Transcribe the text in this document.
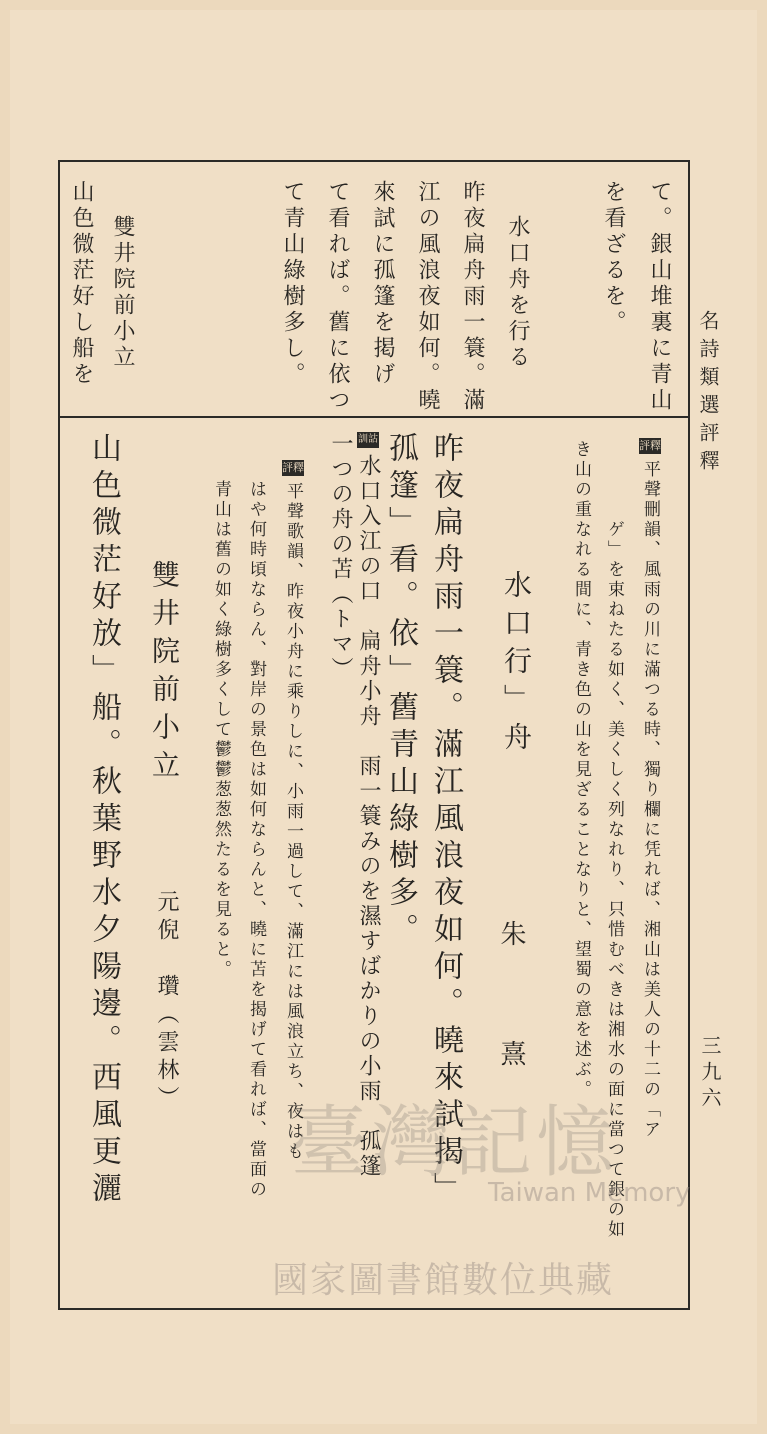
名詩類選評釋
三九六
て。銀山堆裏に青山
を看ざるを。
水口舟を行る
昨夜扁舟雨一簑。滿
江の風浪夜如何。曉
來試に孤篷を掲げ
て看れば。舊に依つ
て青山綠樹多し。
雙井院前小立
山色微茫好し船を
評釋平聲刪韻、風雨の川に滿つる時、獨り欄に凭れば、湘山は美人の十二の「ア
ゲ」を束ねたる如く、美くしく列なれり、只惜むべきは湘水の面に當つて銀の如
き山の重なれる間に、青き色の山を見ざることなりと、望蜀の意を述ぶ。
水口行」舟
朱　熹
昨夜扁舟雨一簑。滿江風浪夜如何。曉來試揭」
孤篷」看。依」舊青山綠樹多。
訓詁水口入江の口　扁舟小舟　雨一簑みのを濕すばかりの小雨　孤篷一つの舟の苫（トマ）
評釋平聲歌韻、昨夜小舟に乘りしに、小雨一過して、滿江には風浪立ち、夜はも
はや何時頃ならん、對岸の景色は如何ならんと、曉に苫を揭げて看れば、當面の
青山は舊の如く綠樹多くして鬱鬱葱葱然たるを見ると。
雙井院前小立
元倪　瓚（雲林）
山色微茫好放」船。秋葉野水夕陽邊。西風更灑 臺灣記憶
Taiwan Memory
國家圖書館數位典藏
